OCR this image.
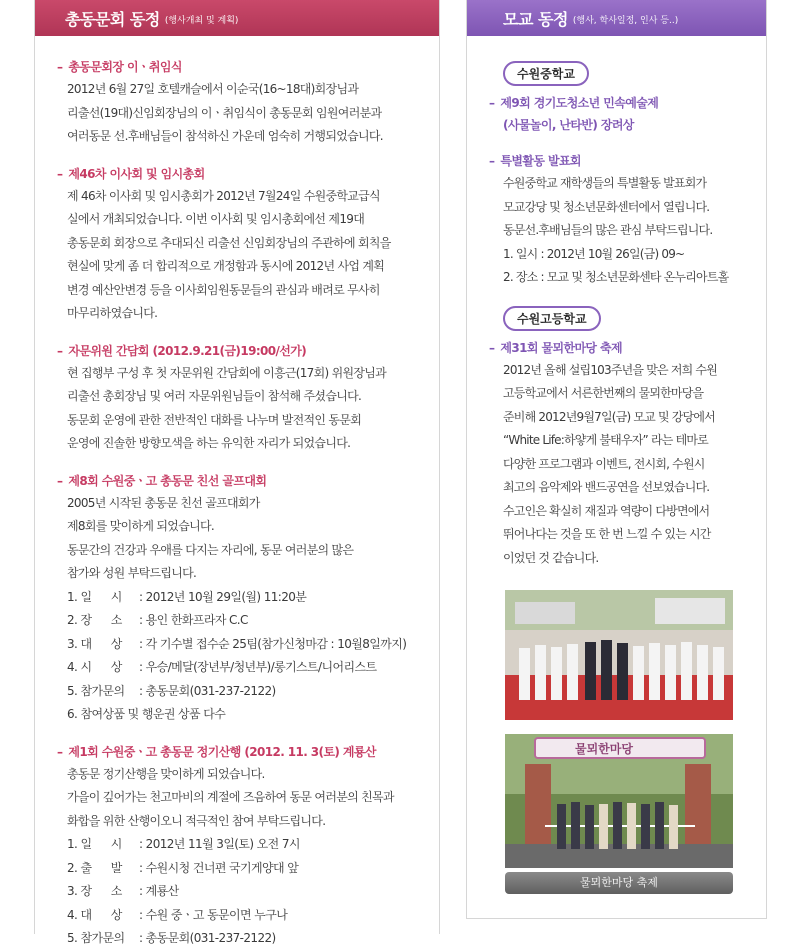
총동문회 동정 (행사개최 및 계획)
– 총동문회장 이ㆍ취임식
2012년 6월 27일 호텔캐슬에서 이순국(16~18대)회장님과
리출선(19대)신임회장님의 이ㆍ취임식이 총동문회 임원여러분과
여러동문 선.후배님들이 참석하신 가운데 엄숙히 거행되었습니다.
– 제46차 이사회 및 임시총회
제 46차 이사회 및 임시총회가 2012년 7월24일 수원중학교급식
실에서 개최되었습니다. 이번 이사회 및 임시총회에선 제19대
총동문회 회장으로 추대되신 리출선 신임회장님의 주관하에 회칙을
현실에 맞게 좀 더 합리적으로 개정함과 동시에 2012년 사업 계획
변경 예산안변경 등을 이사회임원동문들의 관심과 배려로 무사히
마무리하였습니다.
– 자문위원 간담회 (2012.9.21(금)19:00/선가)
현 집행부 구성 후 첫 자문위원 간담회에 이흥근(17회) 위원장님과
리출선 총회장님 및 여러 자문위원님들이 참석해 주셨습니다.
동문회 운영에 관한 전반적인 대화를 나누며 발전적인 동문회
운영에 진솔한 방향모색을 하는 유익한 자리가 되었습니다.
– 제8회 수원중ㆍ고 총동문 친선 골프대회
2005년 시작된 총동문 친선 골프대회가
제8회를 맞이하게 되었습니다.
동문간의 건강과 우애를 다지는 자리에, 동문 여러분의 많은
참가와 성원 부탁드립니다.
1. 일      시	: 2012년 10월 29일(월) 11:20분
2. 장      소	: 용인 한화프라자 C.C
3. 대      상	: 각 기수별 접수순 25팀(참가신청마감 : 10월8일까지)
4. 시      상	: 우승/메달(장년부/청년부)/롱기스트/니어리스트
5. 참가문의	: 총동문회(031-237-2122)
6. 참여상품 및 행운권 상품 다수
– 제1회 수원중ㆍ고 총동문 정기산행 (2012. 11. 3(토) 계룡산
총동문 정기산행을 맞이하게 되었습니다.
가을이 깊어가는 천고마비의 계절에 즈음하여 동문 여러분의 친목과
화합을 위한 산행이오니 적극적인 참여 부탁드립니다.
1. 일      시	: 2012년 11월 3일(토) 오전 7시
2. 출      발	: 수원시청 건너편 국기게양대 앞
3. 장      소	: 계룡산
4. 대      상	: 수원 중ㆍ고 동문이면 누구나
5. 참가문의	: 총동문회(031-237-2122)
모교 동정 (행사, 학사일정, 인사 등..)
수원중학교
– 제9회 경기도청소년 민속예술제
(사물놀이, 난타반) 장려상
– 특별활동 발표회
수원중학교 재학생들의 특별활동 발표회가
모교강당 및 청소년문화센터에서 열립니다.
동문선.후배님들의 많은 관심 부탁드립니다.
1. 일시 : 2012년 10월 26일(금) 09~
2. 장소 : 모교 및 청소년문화센타 온누리아트홀
수원고등학교
– 제31회 물뫼한마당 축제
2012년 올해 설립103주년을 맞은 저희 수원
고등학교에서 서른한번째의 물뫼한마당을
준비해 2012년9월7일(금) 모교 및 강당에서
“White Life:하얗게 불태우자” 라는 테마로
다양한 프로그램과 이벤트, 전시회, 수원시
최고의 음악제와 밴드공연을 선보였습니다.
수고인은 확실히 재질과 역량이 다방면에서
뛰어나다는 것을 또 한 번 느낄 수 있는 시간
이었던 것 같습니다.
물뫼한마당
물뫼한마당 축제
